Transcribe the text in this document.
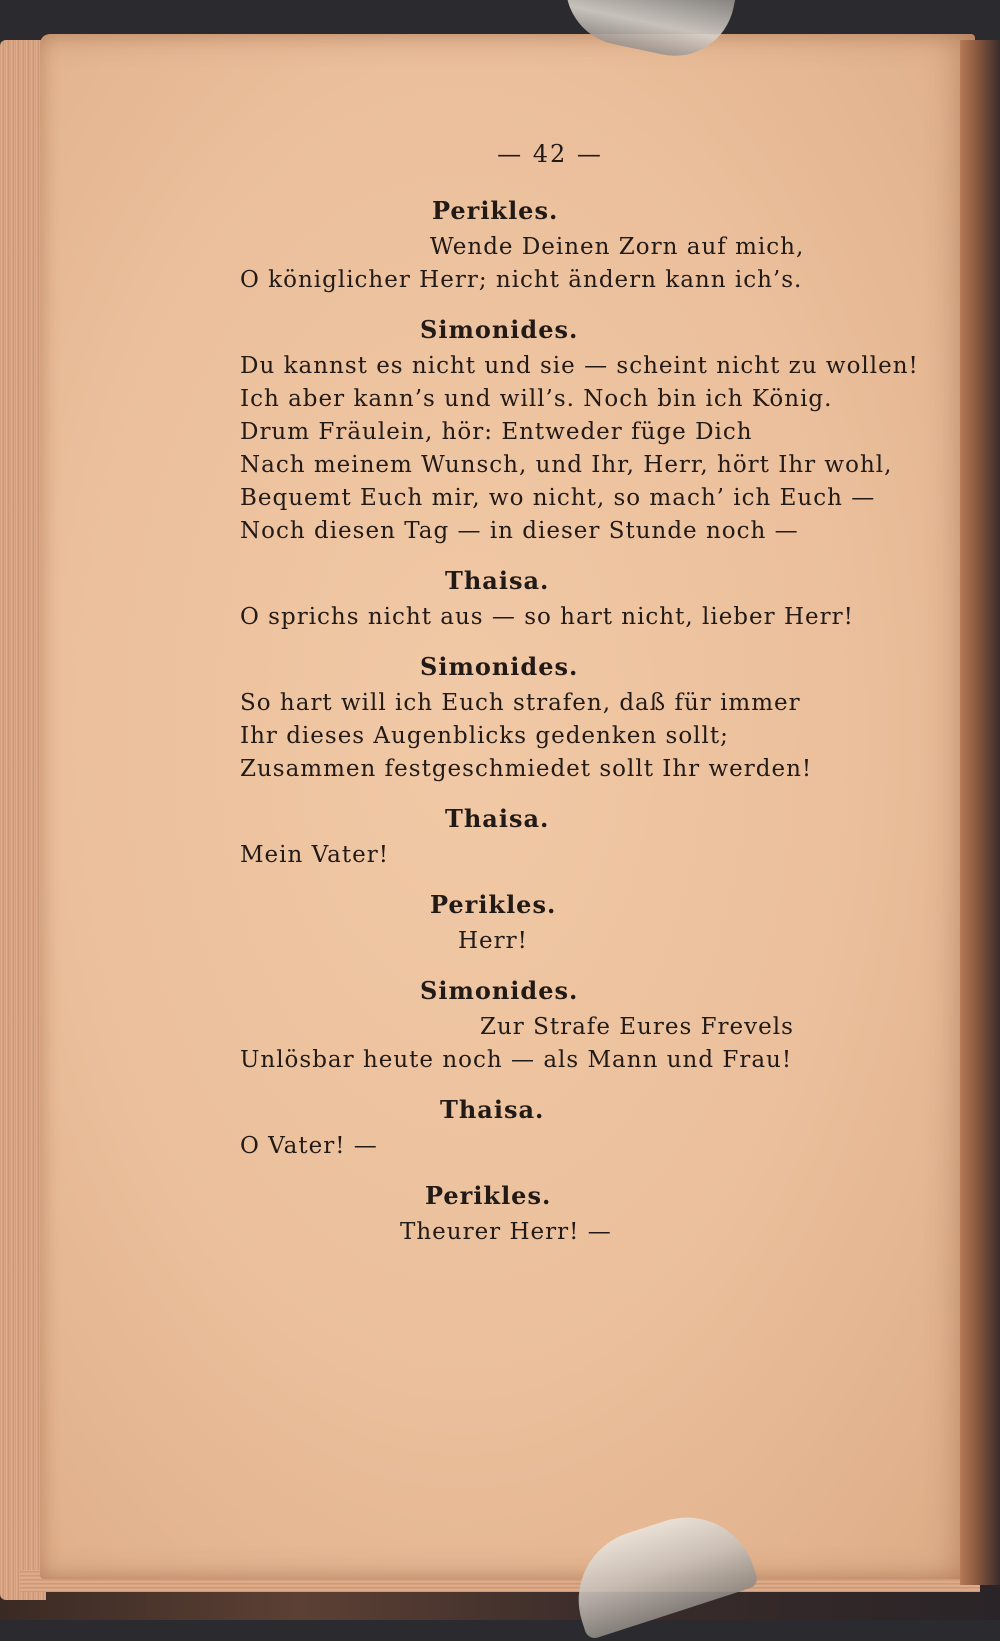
— 42 —
Perikles.
Wende Deinen Zorn auf mich,
O königlicher Herr; nicht ändern kann ich’s.
Simonides.
Du kannst es nicht und sie — scheint nicht zu wollen!
Ich aber kann’s und will’s. Noch bin ich König.
Drum Fräulein, hör: Entweder füge Dich
Nach meinem Wunsch, und Ihr, Herr, hört Ihr wohl,
Bequemt Euch mir, wo nicht, so mach’ ich Euch —
Noch diesen Tag — in dieser Stunde noch —
Thaisa.
O sprichs nicht aus — so hart nicht, lieber Herr!
Simonides.
So hart will ich Euch strafen, daß für immer
Ihr dieses Augenblicks gedenken sollt;
Zusammen festgeschmiedet sollt Ihr werden!
Thaisa.
Mein Vater!
Perikles.
Herr!
Simonides.
Zur Strafe Eures Frevels
Unlösbar heute noch — als Mann und Frau!
Thaisa.
O Vater! —
Perikles.
Theurer Herr! —
